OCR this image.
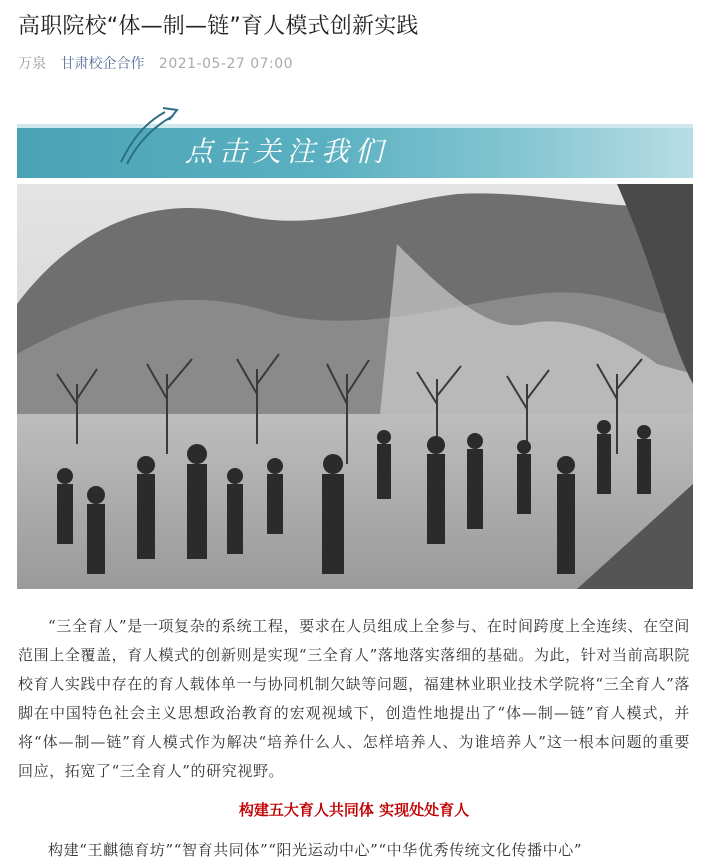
高职院校“体—制—链”育人模式创新实践
万泉 甘肃校企合作 2021-05-27 07:00
点击关注我们

“三全育人”是一项复杂的系统工程，要求在人员组成上全参与、在时间跨度上全连续、在空间范围上全覆盖，育人模式的创新则是实现“三全育人”落地落实落细的基础。为此，针对当前高职院校育人实践中存在的育人载体单一与协同机制欠缺等问题，福建林业职业技术学院将“三全育人”落脚在中国特色社会主义思想政治教育的宏观视域下，创造性地提出了“体—制—链”育人模式，并将“体—制—链”育人模式作为解决“培养什么人、怎样培养人、为谁培养人”这一根本问题的重要回应，拓宽了“三全育人”的研究视野。

构建五大育人共同体 实现处处育人

构建“王麒德育坊”“智育共同体”“阳光运动中心”“中华优秀传统文化传播中心”
